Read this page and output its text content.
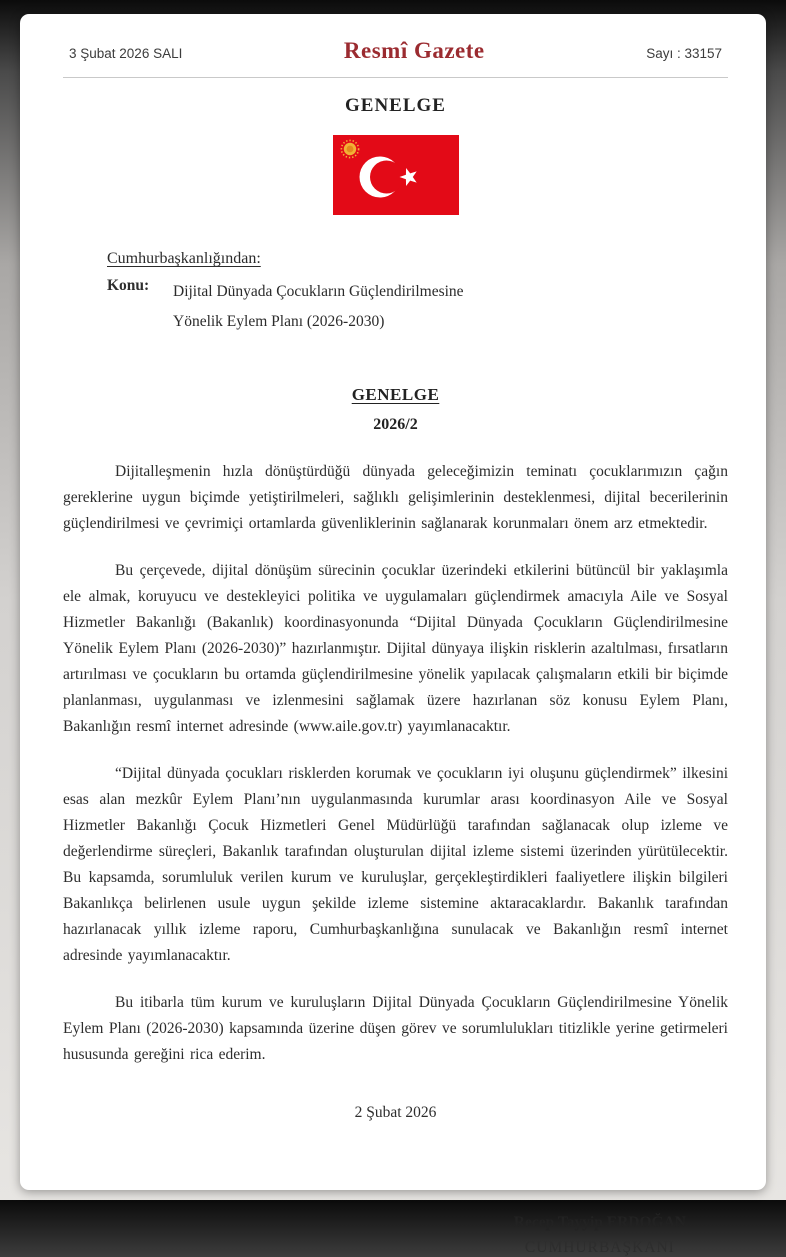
3 Şubat 2026 SALI	Resmî Gazete	Sayı : 33157
GENELGE
Cumhurbaşkanlığından:
Konu:	Dijital Dünyada Çocukların Güçlendirilmesine
Yönelik Eylem Planı (2026-2030)
GENELGE
2026/2

Dijitalleşmenin hızla dönüştürdüğü dünyada geleceğimizin teminatı çocuklarımızın çağın gereklerine uygun biçimde yetiştirilmeleri, sağlıklı gelişimlerinin desteklenmesi, dijital becerilerinin güçlendirilmesi ve çevrimiçi ortamlarda güvenliklerinin sağlanarak korunmaları önem arz etmektedir.

Bu çerçevede, dijital dönüşüm sürecinin çocuklar üzerindeki etkilerini bütüncül bir yaklaşımla ele almak, koruyucu ve destekleyici politika ve uygulamaları güçlendirmek amacıyla Aile ve Sosyal Hizmetler Bakanlığı (Bakanlık) koordinasyonunda “Dijital Dünyada Çocukların Güçlendirilmesine Yönelik Eylem Planı (2026-2030)” hazırlanmıştır. Dijital dünyaya ilişkin risklerin azaltılması, fırsatların artırılması ve çocukların bu ortamda güçlendirilmesine yönelik yapılacak çalışmaların etkili bir biçimde planlanması, uygulanması ve izlenmesini sağlamak üzere hazırlanan söz konusu Eylem Planı, Bakanlığın resmî internet adresinde (www.aile.gov.tr) yayımlanacaktır.

“Dijital dünyada çocukları risklerden korumak ve çocukların iyi oluşunu güçlendirmek” ilkesini esas alan mezkûr Eylem Planı’nın uygulanmasında kurumlar arası koordinasyon Aile ve Sosyal Hizmetler Bakanlığı Çocuk Hizmetleri Genel Müdürlüğü tarafından sağlanacak olup izleme ve değerlendirme süreçleri, Bakanlık tarafından oluşturulan dijital izleme sistemi üzerinden yürütülecektir. Bu kapsamda, sorumluluk verilen kurum ve kuruluşlar, gerçekleştirdikleri faaliyetlere ilişkin bilgileri Bakanlıkça belirlenen usule uygun şekilde izleme sistemine aktaracaklardır. Bakanlık tarafından hazırlanacak yıllık izleme raporu, Cumhurbaşkanlığına sunulacak ve Bakanlığın resmî internet adresinde yayımlanacaktır.

Bu itibarla tüm kurum ve kuruluşların Dijital Dünyada Çocukların Güçlendirilmesine Yönelik Eylem Planı (2026-2030) kapsamında üzerine düşen görev ve sorumlulukları titizlikle yerine getirmeleri hususunda gereğini rica ederim.

2 Şubat 2026
Recep Tayyip ERDOĞAN
CUMHURBAŞKANI
